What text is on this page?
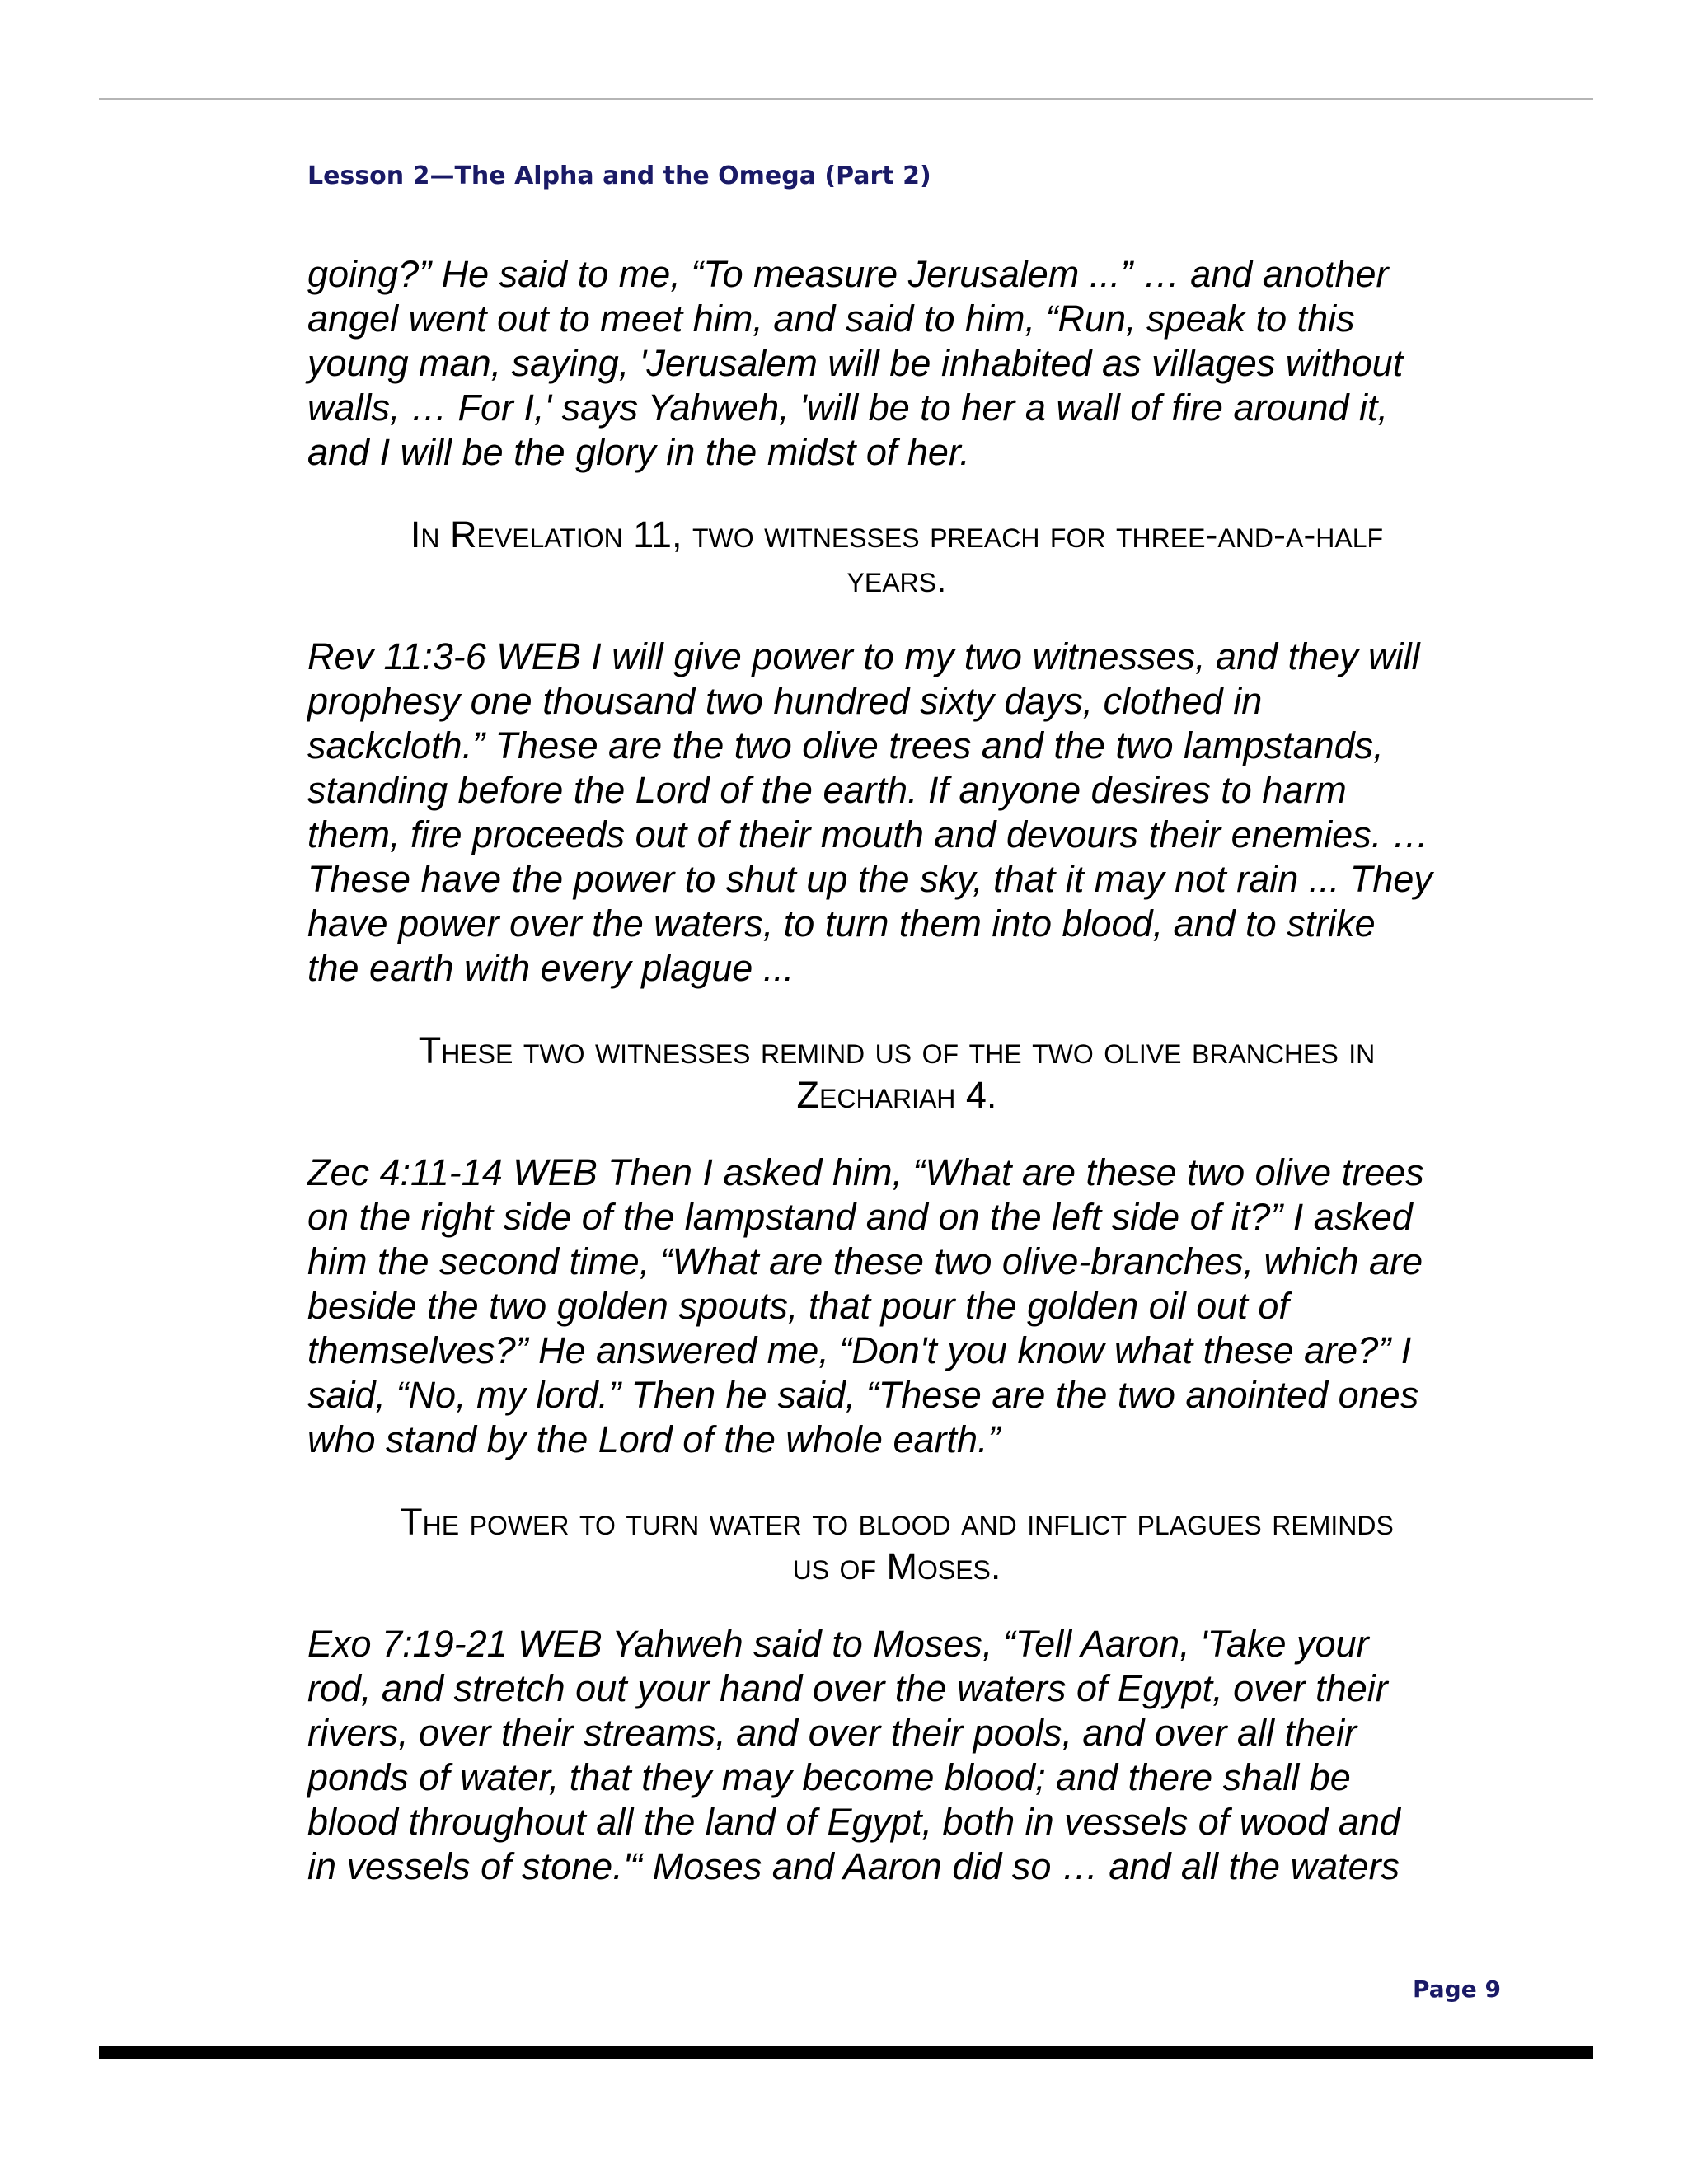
Lesson 2—The Alpha and the Omega (Part 2)

going?” He said to me, “To measure Jerusalem ...” … and another
angel went out to meet him, and said to him, “Run, speak to this
young man, saying, 'Jerusalem will be inhabited as villages without
walls, … For I,' says Yahweh, 'will be to her a wall of fire around it,
and I will be the glory in the midst of her.

In Revelation 11, two witnesses preach for three-and-a-half
years.

Rev 11:3-6 WEB I will give power to my two witnesses, and they will
prophesy one thousand two hundred sixty days, clothed in
sackcloth.” These are the two olive trees and the two lampstands,
standing before the Lord of the earth. If anyone desires to harm
them, fire proceeds out of their mouth and devours their enemies. …
These have the power to shut up the sky, that it may not rain ... They
have power over the waters, to turn them into blood, and to strike
the earth with every plague ...

These two witnesses remind us of the two olive branches in
Zechariah 4.

Zec 4:11-14 WEB Then I asked him, “What are these two olive trees
on the right side of the lampstand and on the left side of it?” I asked
him the second time, “What are these two olive-branches, which are
beside the two golden spouts, that pour the golden oil out of
themselves?” He answered me, “Don't you know what these are?” I
said, “No, my lord.” Then he said, “These are the two anointed ones
who stand by the Lord of the whole earth.”

The power to turn water to blood and inflict plagues reminds
us of Moses.

Exo 7:19-21 WEB Yahweh said to Moses, “Tell Aaron, 'Take your
rod, and stretch out your hand over the waters of Egypt, over their
rivers, over their streams, and over their pools, and over all their
ponds of water, that they may become blood; and there shall be
blood throughout all the land of Egypt, both in vessels of wood and
in vessels of stone.'“ Moses and Aaron did so … and all the waters

Page 9
